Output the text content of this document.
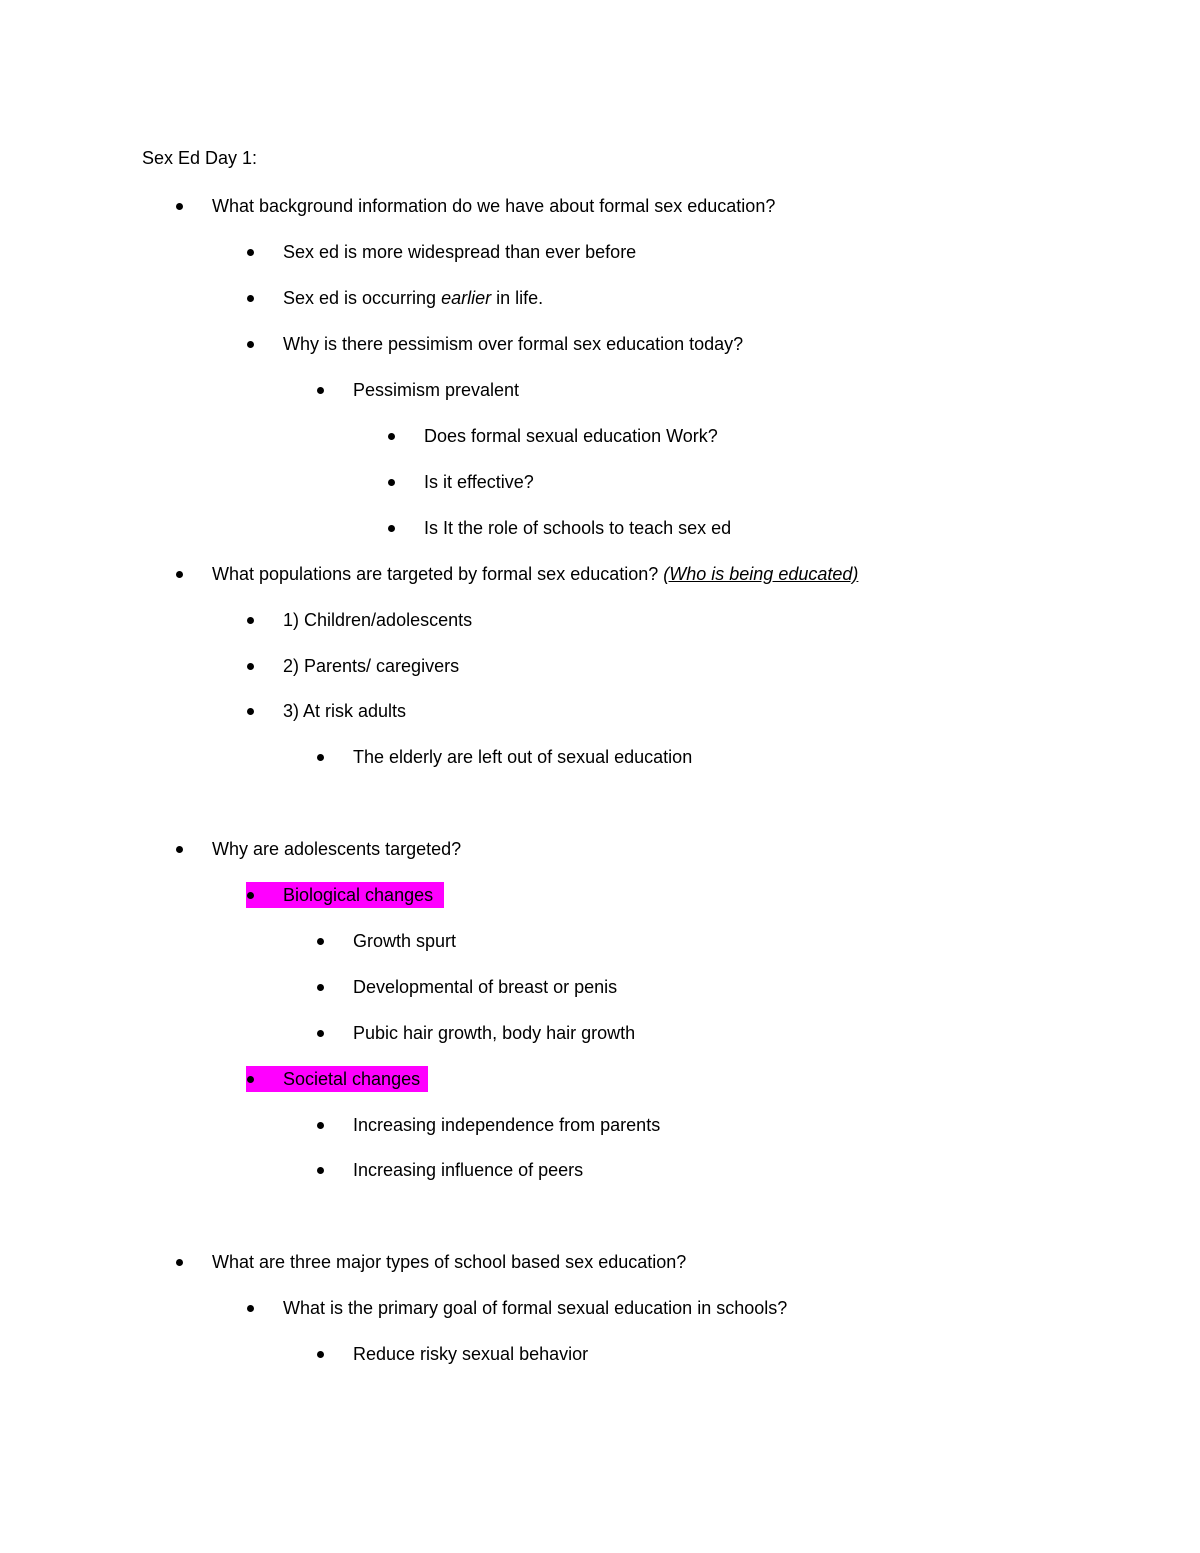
Sex Ed Day 1:
What background information do we have about formal sex education?
Sex ed is more widespread than ever before
Sex ed is occurring earlier in life.
Why is there pessimism over formal sex education today?
Pessimism prevalent
Does formal sexual education Work?
Is it effective?
Is It the role of schools to teach sex ed
What populations are targeted by formal sex education? (Who is being educated)
1) Children/adolescents
2) Parents/ caregivers
3) At risk adults
The elderly are left out of sexual education
Why are adolescents targeted?
Biological changes
Growth spurt
Developmental of breast or penis
Pubic hair growth, body hair growth
Societal changes
Increasing independence from parents
Increasing influence of peers
What are three major types of school based sex education?
What is the primary goal of formal sexual education in schools?
Reduce risky sexual behavior
